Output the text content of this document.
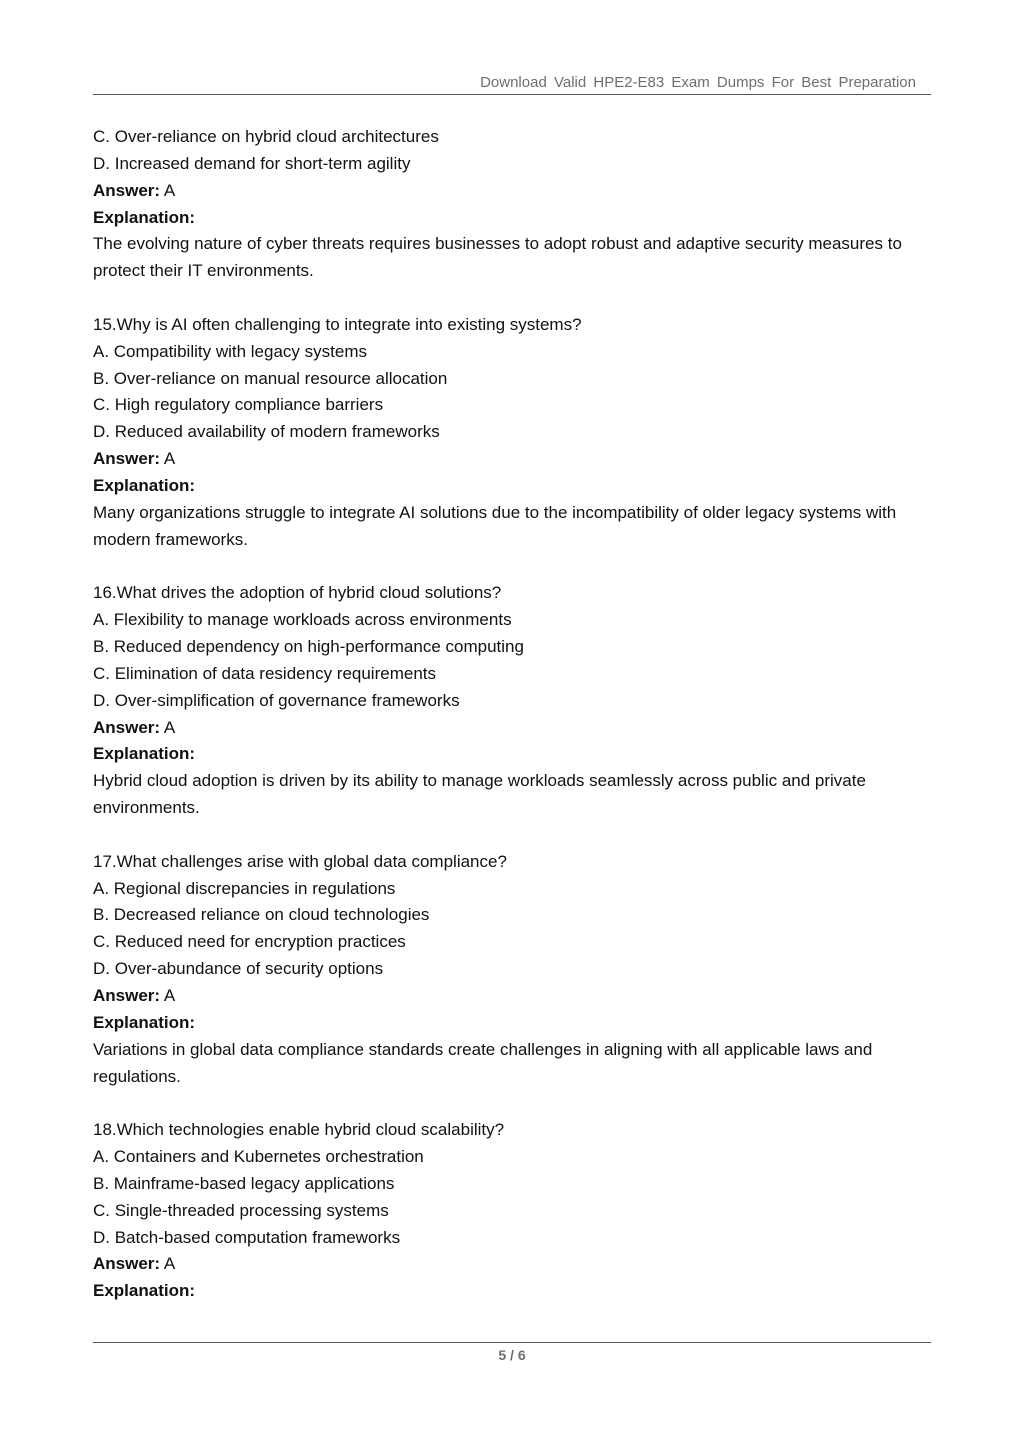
Download Valid HPE2-E83 Exam Dumps For Best Preparation
C. Over-reliance on hybrid cloud architectures
D. Increased demand for short-term agility
Answer: A
Explanation:
The evolving nature of cyber threats requires businesses to adopt robust and adaptive security measures to protect their IT environments.
15.Why is AI often challenging to integrate into existing systems?
A. Compatibility with legacy systems
B. Over-reliance on manual resource allocation
C. High regulatory compliance barriers
D. Reduced availability of modern frameworks
Answer: A
Explanation:
Many organizations struggle to integrate AI solutions due to the incompatibility of older legacy systems with modern frameworks.
16.What drives the adoption of hybrid cloud solutions?
A. Flexibility to manage workloads across environments
B. Reduced dependency on high-performance computing
C. Elimination of data residency requirements
D. Over-simplification of governance frameworks
Answer: A
Explanation:
Hybrid cloud adoption is driven by its ability to manage workloads seamlessly across public and private environments.
17.What challenges arise with global data compliance?
A. Regional discrepancies in regulations
B. Decreased reliance on cloud technologies
C. Reduced need for encryption practices
D. Over-abundance of security options
Answer: A
Explanation:
Variations in global data compliance standards create challenges in aligning with all applicable laws and regulations.
18.Which technologies enable hybrid cloud scalability?
A. Containers and Kubernetes orchestration
B. Mainframe-based legacy applications
C. Single-threaded processing systems
D. Batch-based computation frameworks
Answer: A
Explanation:
5 / 6
